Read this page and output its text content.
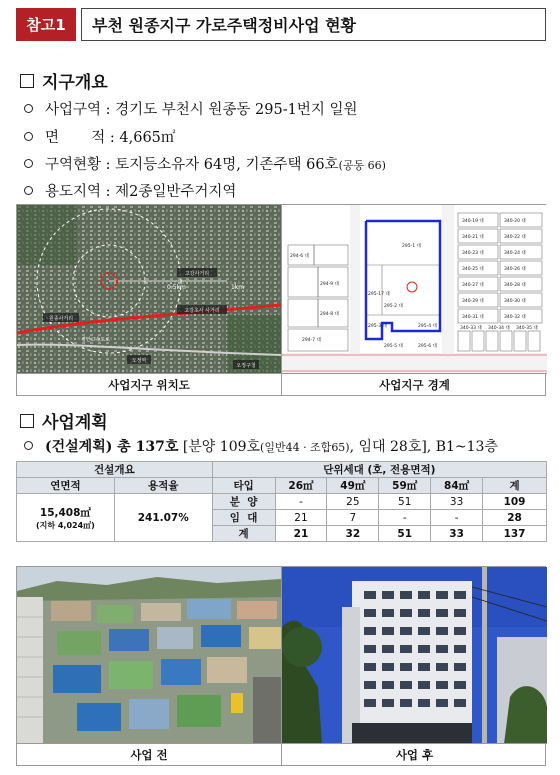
참고1	부천 원종지구 가로주택정비사업 현황
지구개요
사업구역 : 경기도 부천시 원종동 295-1번지 일원
면       적 : 4,665㎡
구역현황 : 토지등소유자 64명, 기존주택 66호 (공동 66)
용도지역 : 제2종일반주거지역
고강사거리
0.5km	1km
원종사거리
고강초사 사거리
경인고속도로
오정역
오정구청
사업지구 위치도
295-1 대
295-2 대
295-3 대	295-4 대
295-5 대	295-6 대
295-17 대
294-9 대
294-8 대
294-7 대
294-6 대
340-19 대	340-20 대
340-21 대	340-22 대
340-23 대	340-24 대
340-25 대	340-26 대
340-27 대	340-28 대
340-29 대	340-30 대
340-31 대	340-32 대
340-33 대 340-34 대 340-35 대
사업지구 경계
사업계획
(건설계획) 총 137호 [분양 109호 (일반44 · 조합65) , 임대 28호], B1~13층
건설개요		단위세대 (호, 전용면적)					
연면적	용적율	타입	26㎡	49㎡	59㎡	84㎡	계
15,408㎡
(지하 4,024㎡)	241.07%	분  양	-	25	51	33	109
		임  대	21	7	-	-	28
		계	21	32	51	33	137
사업 전	사업 후
